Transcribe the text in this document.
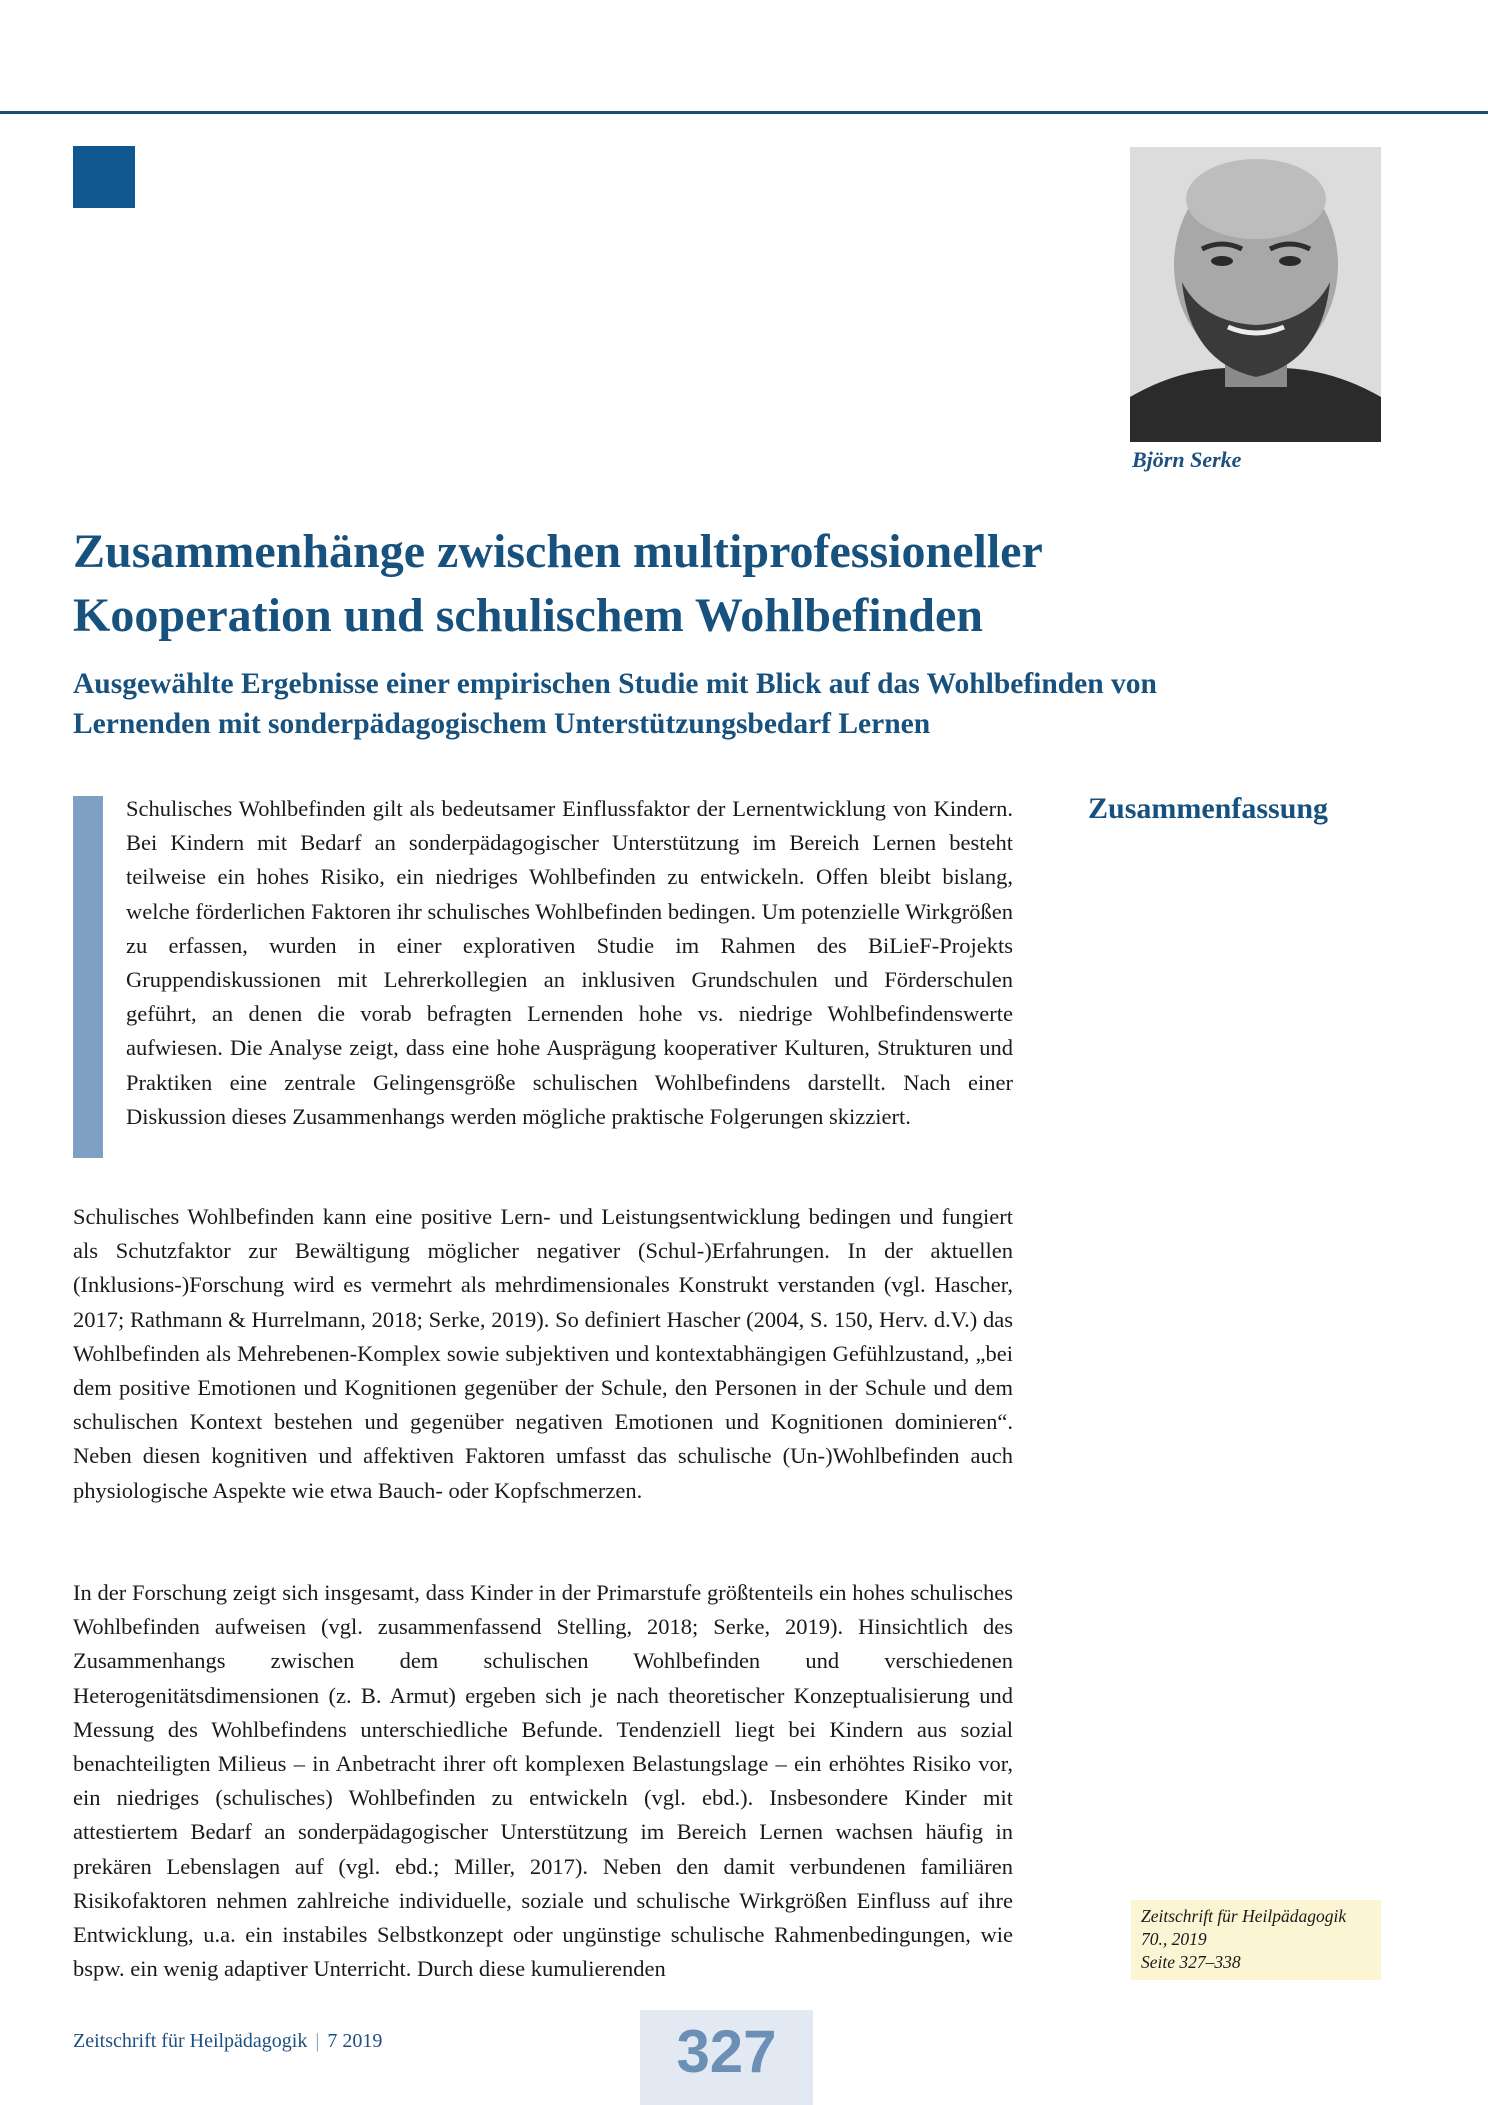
Björn Serke
Zusammenhänge zwischen multiprofessioneller
Kooperation und schulischem Wohlbefinden
Ausgewählte Ergebnisse einer empirischen Studie mit Blick auf das Wohlbefinden von
Lernenden mit sonderpädagogischem Unterstützungsbedarf Lernen
Zusammenfassung

Schulisches Wohlbefinden gilt als bedeutsamer Einflussfaktor der Lernentwicklung von Kindern. Bei Kindern mit Bedarf an sonderpädagogischer Unterstützung im Bereich Lernen besteht teilweise ein hohes Risiko, ein niedriges Wohlbefinden zu entwickeln. Offen bleibt bislang, welche förderlichen Faktoren ihr schulisches Wohlbefinden bedingen. Um potenzielle Wirkgrößen zu erfassen, wurden in einer explorativen Studie im Rahmen des BiLieF-Projekts Gruppendiskussionen mit Lehrerkollegien an inklusiven Grundschulen und Förderschulen geführt, an denen die vorab befragten Lernenden hohe vs. niedrige Wohlbefindenswerte aufwiesen. Die Analyse zeigt, dass eine hohe Ausprägung kooperativer Kulturen, Strukturen und Praktiken eine zentrale Gelingensgröße schulischen Wohlbefindens darstellt. Nach einer Diskussion dieses Zusammenhangs werden mögliche praktische Folgerungen skizziert.

Schulisches Wohlbefinden kann eine positive Lern- und Leistungsentwicklung bedingen und fungiert als Schutzfaktor zur Bewältigung möglicher negativer (Schul-)Erfahrungen. In der aktuellen (Inklusions-)Forschung wird es vermehrt als mehrdimensionales Konstrukt verstanden (vgl. Hascher, 2017; Rathmann & Hurrelmann, 2018; Serke, 2019). So definiert Hascher (2004, S. 150, Herv. d.V.) das Wohlbefinden als Mehrebenen-Komplex sowie subjektiven und kontextabhängigen Gefühlzustand, „bei dem positive Emotionen und Kognitionen gegenüber der Schule, den Personen in der Schule und dem schulischen Kontext bestehen und gegenüber negativen Emotionen und Kognitionen dominieren“. Neben diesen kognitiven und affektiven Faktoren umfasst das schulische (Un-)Wohlbefinden auch physiologische Aspekte wie etwa Bauch- oder Kopfschmerzen.

In der Forschung zeigt sich insgesamt, dass Kinder in der Primarstufe größtenteils ein hohes schulisches Wohlbefinden aufweisen (vgl. zusammenfassend Stelling, 2018; Serke, 2019). Hinsichtlich des Zusammenhangs zwischen dem schulischen Wohlbefinden und verschiedenen Heterogenitätsdimensionen (z. B. Armut) ergeben sich je nach theoretischer Konzeptualisierung und Messung des Wohlbefindens unterschiedliche Befunde. Tendenziell liegt bei Kindern aus sozial benachteiligten Milieus – in Anbetracht ihrer oft komplexen Belastungslage – ein erhöhtes Risiko vor, ein niedriges (schulisches) Wohlbefinden zu entwickeln (vgl. ebd.). Insbesondere Kinder mit attestiertem Bedarf an sonderpädagogischer Unterstützung im Bereich Lernen wachsen häufig in prekären Lebenslagen auf (vgl. ebd.; Miller, 2017). Neben den damit verbundenen familiären Risikofaktoren nehmen zahlreiche individuelle, soziale und schulische Wirkgrößen Einfluss auf ihre Entwicklung, u.a. ein instabiles Selbstkonzept oder ungünstige schulische Rahmenbedingungen, wie bspw. ein wenig adaptiver Unterricht. Durch diese kumulierenden

Zeitschrift für Heilpädagogik
70., 2019
Seite 327–338
Zeitschrift für Heilpädagogik | 7 2019	327
